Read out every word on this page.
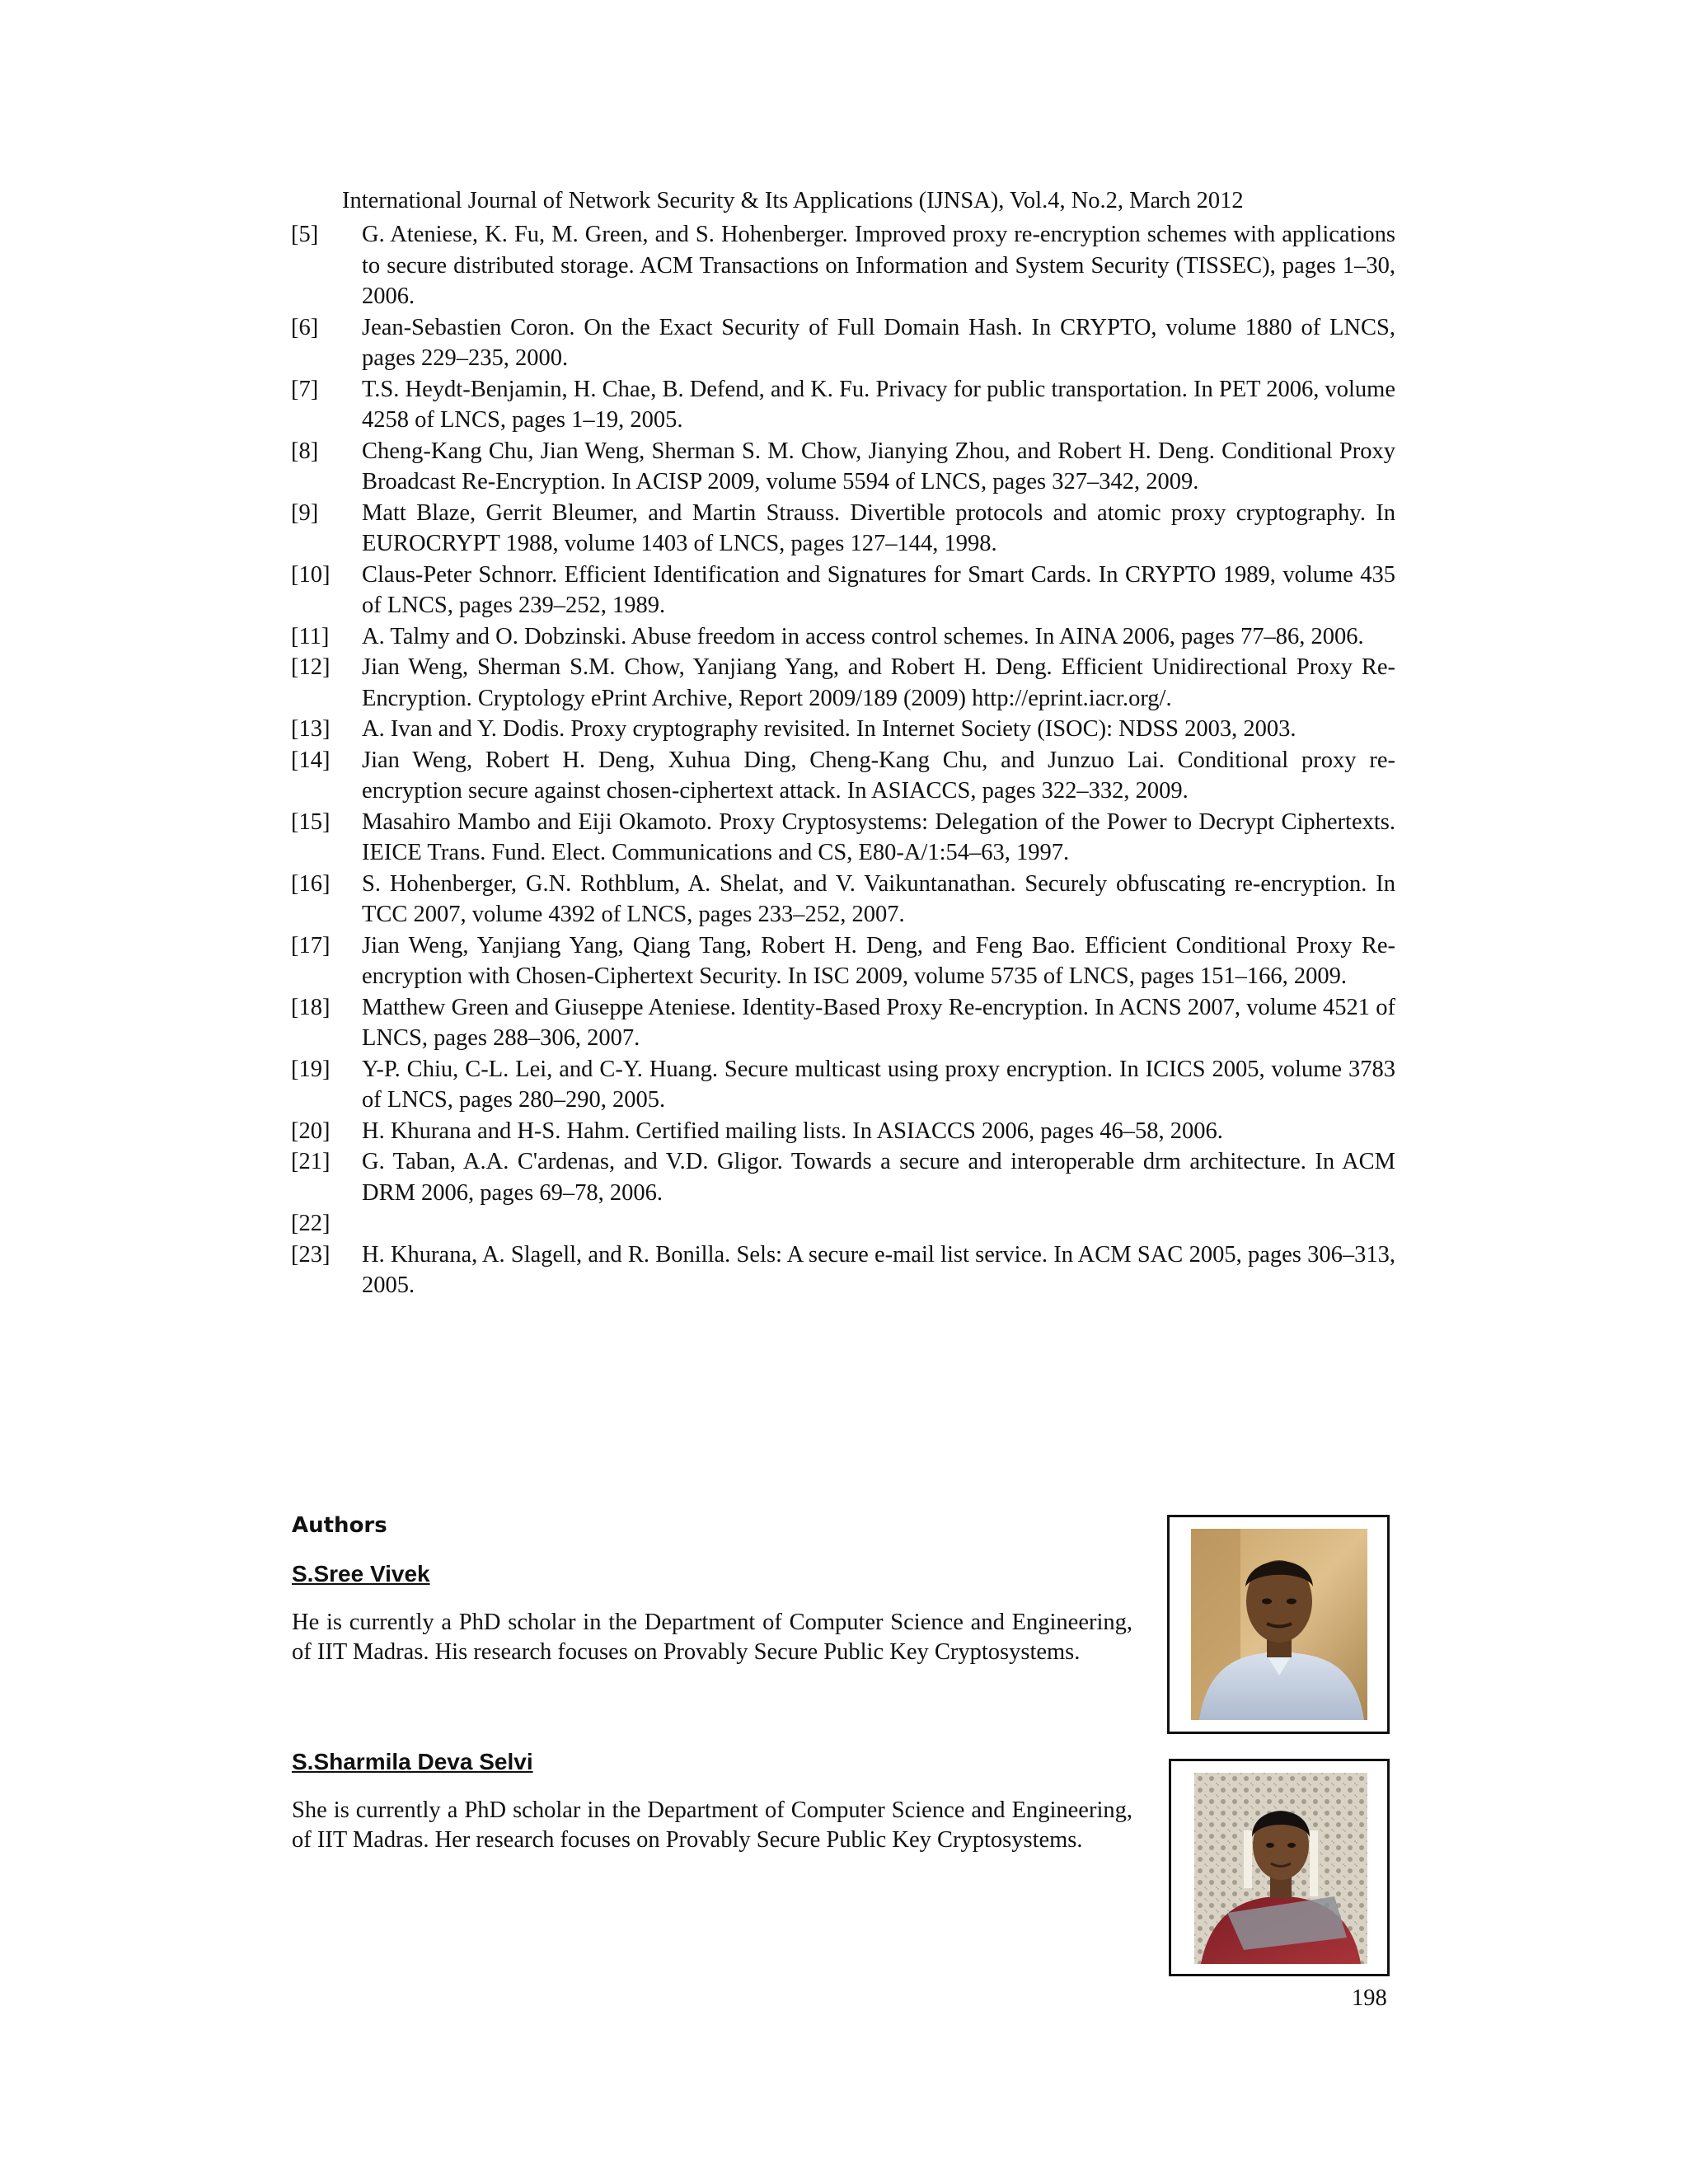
International Journal of Network Security & Its Applications (IJNSA), Vol.4, No.2, March 2012
[5]	G. Ateniese, K. Fu, M. Green, and S. Hohenberger. Improved proxy re-encryption schemes with applications to secure distributed storage. ACM Transactions on Information and System Security (TISSEC), pages 1–30, 2006.
[6]	Jean-Sebastien Coron. On the Exact Security of Full Domain Hash. In CRYPTO, volume 1880 of LNCS, pages 229–235, 2000.
[7]	T.S. Heydt-Benjamin, H. Chae, B. Defend, and K. Fu. Privacy for public transportation. In PET 2006, volume 4258 of LNCS, pages 1–19, 2005.
[8]	Cheng-Kang Chu, Jian Weng, Sherman S. M. Chow, Jianying Zhou, and Robert H. Deng. Conditional Proxy Broadcast Re-Encryption. In ACISP 2009, volume 5594 of LNCS, pages 327–342, 2009.
[9]	Matt Blaze, Gerrit Bleumer, and Martin Strauss. Divertible protocols and atomic proxy cryptography. In EUROCRYPT 1988, volume 1403 of LNCS, pages 127–144, 1998.
[10]	Claus-Peter Schnorr. Efficient Identification and Signatures for Smart Cards. In CRYPTO 1989, volume 435 of LNCS, pages 239–252, 1989.
[11]	A. Talmy and O. Dobzinski. Abuse freedom in access control schemes. In AINA 2006, pages 77–86, 2006.
[12]	Jian Weng, Sherman S.M. Chow, Yanjiang Yang, and Robert H. Deng. Efficient Unidirectional Proxy Re-Encryption. Cryptology ePrint Archive, Report 2009/189 (2009) http://eprint.iacr.org/.
[13]	A. Ivan and Y. Dodis. Proxy cryptography revisited. In Internet Society (ISOC): NDSS 2003, 2003.
[14]	Jian Weng, Robert H. Deng, Xuhua Ding, Cheng-Kang Chu, and Junzuo Lai. Conditional proxy re-encryption secure against chosen-ciphertext attack. In ASIACCS, pages 322–332, 2009.
[15]	Masahiro Mambo and Eiji Okamoto. Proxy Cryptosystems: Delegation of the Power to Decrypt Ciphertexts. IEICE Trans. Fund. Elect. Communications and CS, E80-A/1:54–63, 1997.
[16]	S. Hohenberger, G.N. Rothblum, A. Shelat, and V. Vaikuntanathan. Securely obfuscating re-encryption. In TCC 2007, volume 4392 of LNCS, pages 233–252, 2007.
[17]	Jian Weng, Yanjiang Yang, Qiang Tang, Robert H. Deng, and Feng Bao. Efficient Conditional Proxy Re-encryption with Chosen-Ciphertext Security. In ISC 2009, volume 5735 of LNCS, pages 151–166, 2009.
[18]	Matthew Green and Giuseppe Ateniese. Identity-Based Proxy Re-encryption. In ACNS 2007, volume 4521 of LNCS, pages 288–306, 2007.
[19]	Y-P. Chiu, C-L. Lei, and C-Y. Huang. Secure multicast using proxy encryption. In ICICS 2005, volume 3783 of LNCS, pages 280–290, 2005.
[20]	H. Khurana and H-S. Hahm. Certified mailing lists. In ASIACCS 2006, pages 46–58, 2006.
[21]	G. Taban, A.A. C'ardenas, and V.D. Gligor. Towards a secure and interoperable drm architecture. In ACM DRM 2006, pages 69–78, 2006.
[22]
[23]	H. Khurana, A. Slagell, and R. Bonilla. Sels: A secure e-mail list service. In ACM SAC 2005, pages 306–313, 2005.
Authors
S.Sree Vivek
He is currently a PhD scholar in the Department of Computer Science and Engineering, of IIT Madras. His research focuses on Provably Secure Public Key Cryptosystems.
S.Sharmila Deva Selvi
She is currently a PhD scholar in the Department of Computer Science and Engineering, of IIT Madras. Her research focuses on Provably Secure Public Key Cryptosystems.
198
